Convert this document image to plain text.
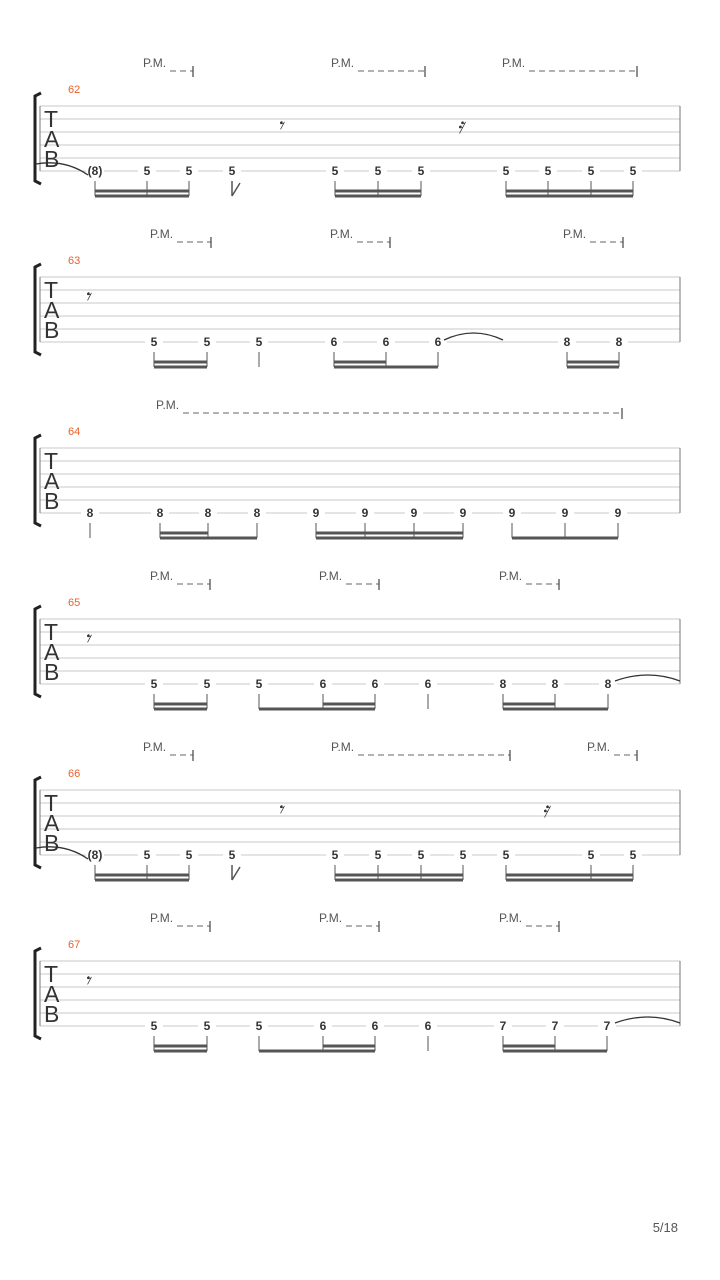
62
P.M.	P.M.	P.M.
T
A
B
𝄾	𝄿
(8)	5	5	5	5	5	5	5	5	5	5
63
P.M.	P.M.	P.M.
T
A
B
𝄾
5	5	5	6	6	6	8	8
64
P.M.
T
A
B 8	8	8	8	9	9	9	9	9	9	9
65
P.M.	P.M.	P.M.
T
A
B
𝄾
5	5	5	6	6	6	8	8	8
66
P.M.	P.M.	P.M.
T
A
B
𝄾	𝄿
(8)	5	5	5	5	5	5	5	5	5	5
67
P.M.	P.M.	P.M.
T
A
B
𝄾
5	5	5	6	6	6	7	7	7
5/18
